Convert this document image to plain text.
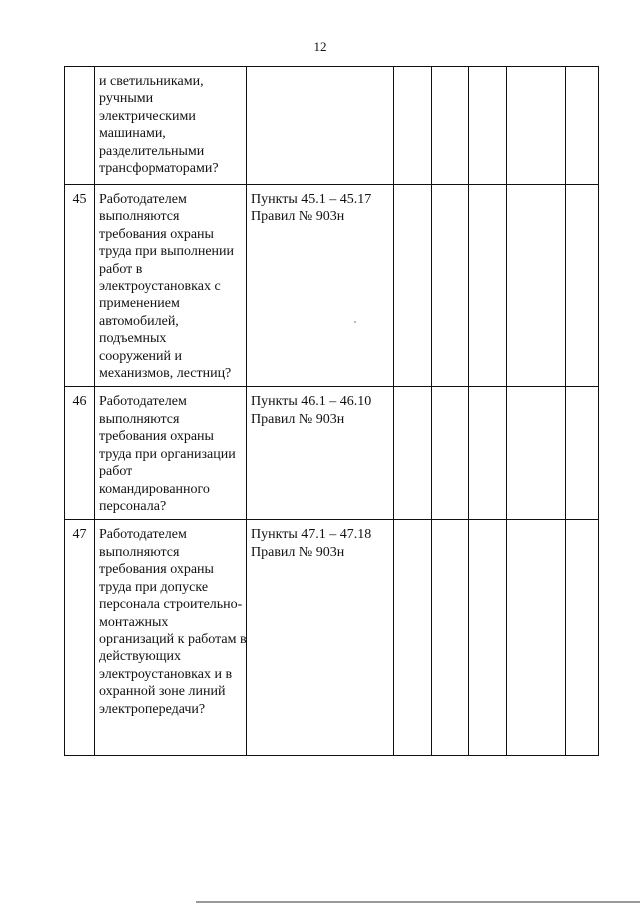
12

	и светильниками, ручными электрическими машинами, разделительными трансформаторами?						

45	Работодателем выполняются требования охраны труда при выполнении работ в электроустановках с применением автомобилей, подъемных сооружений и механизмов, лестниц?	Пункты 45.1 – 45.17 Правил № 903н					

46	Работодателем выполняются требования охраны труда при организации работ командированного персонала?	Пункты 46.1 – 46.10 Правил № 903н					

47	Работодателем выполняются требования охраны труда при допуске персонала строительно-монтажных организаций к работам в действующих электроустановках и в охранной зоне линий электропередачи?	Пункты 47.1 – 47.18 Правил № 903н					
